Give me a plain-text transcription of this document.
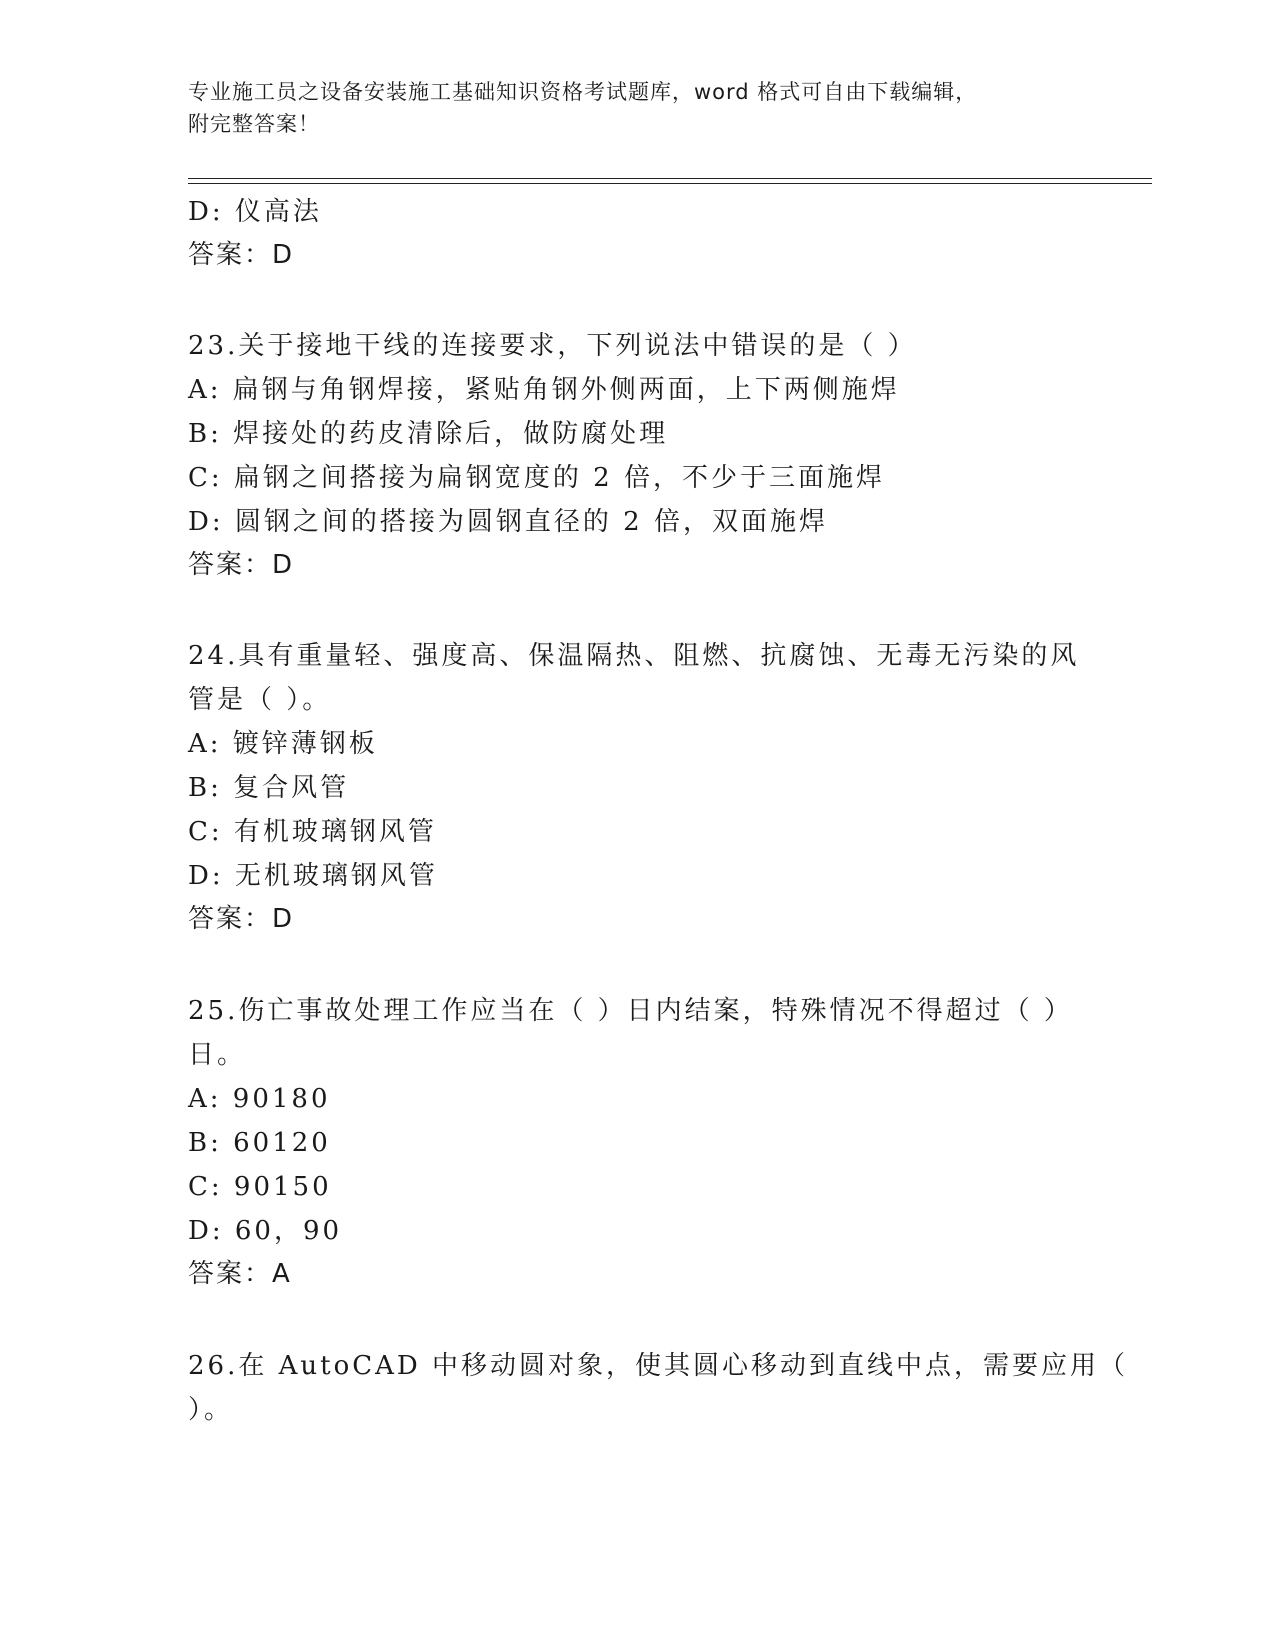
专业施工员之设备安装施工基础知识资格考试题库，word 格式可自由下载编辑，
附完整答案！
D: 仪高法
答案：D
23.关于接地干线的连接要求，下列说法中错误的是（ ）
A: 扁钢与角钢焊接，紧贴角钢外侧两面，上下两侧施焊
B: 焊接处的药皮清除后，做防腐处理
C: 扁钢之间搭接为扁钢宽度的 2 倍，不少于三面施焊
D: 圆钢之间的搭接为圆钢直径的 2 倍，双面施焊
答案：D
24.具有重量轻、强度高、保温隔热、阻燃、抗腐蚀、无毒无污染的风
管是（ ）。
A: 镀锌薄钢板
B: 复合风管
C: 有机玻璃钢风管
D: 无机玻璃钢风管
答案：D
25.伤亡事故处理工作应当在（ ）日内结案，特殊情况不得超过（ ）
日。
A: 90180
B: 60120
C: 90150
D: 60，90
答案：A
26.在 AutoCAD 中移动圆对象，使其圆心移动到直线中点，需要应用（
）。
